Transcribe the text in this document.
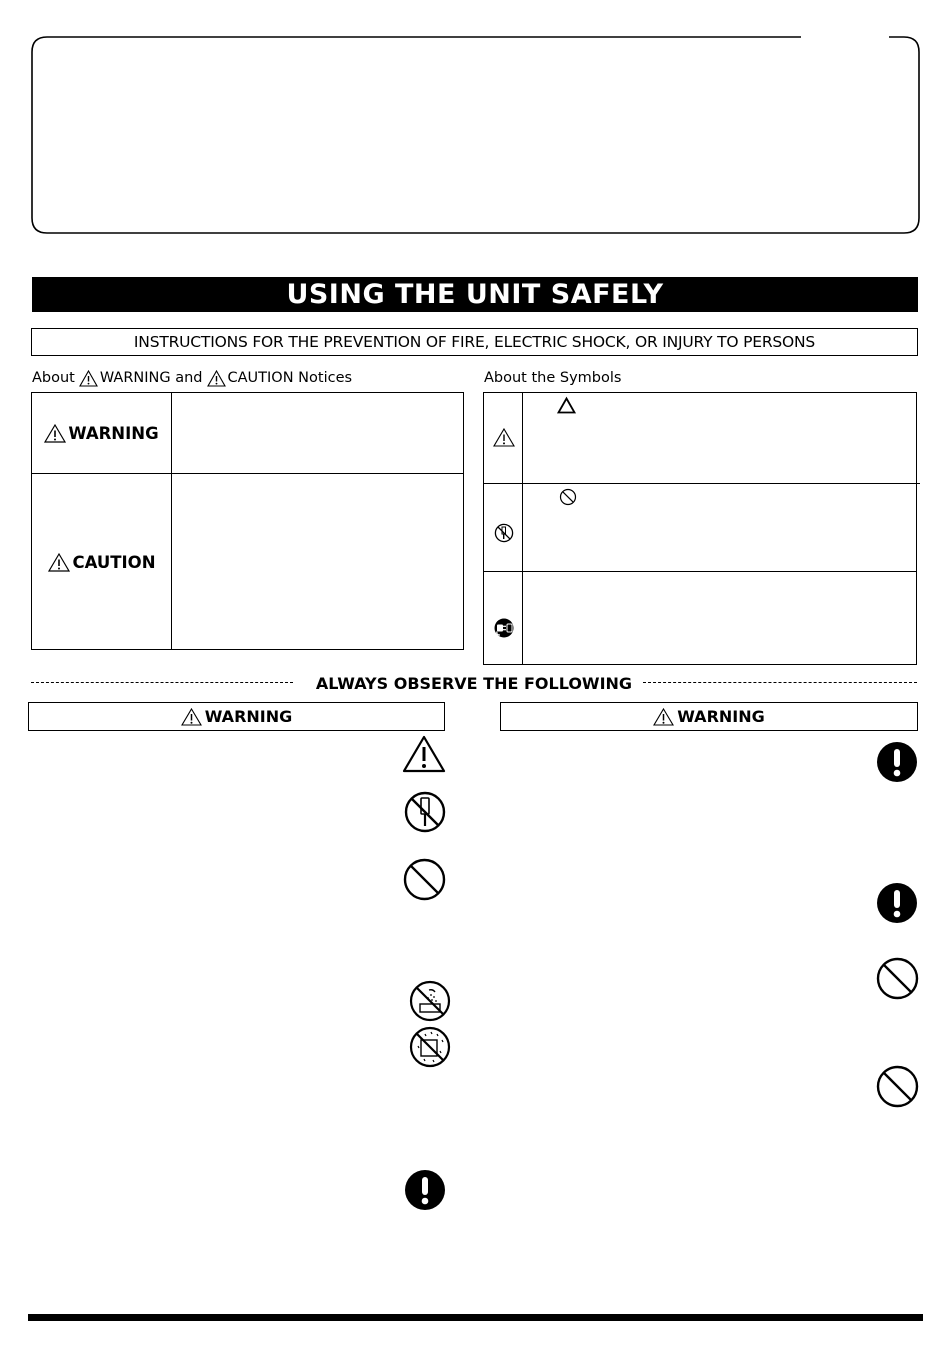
USING THE UNIT SAFELY
INSTRUCTIONS FOR THE PREVENTION OF FIRE, ELECTRIC SHOCK, OR INJURY TO PERSONS
About WARNING and CAUTION Notices
WARNING
CAUTION
About the Symbols
ALWAYS OBSERVE THE FOLLOWING
WARNING	WARNING
